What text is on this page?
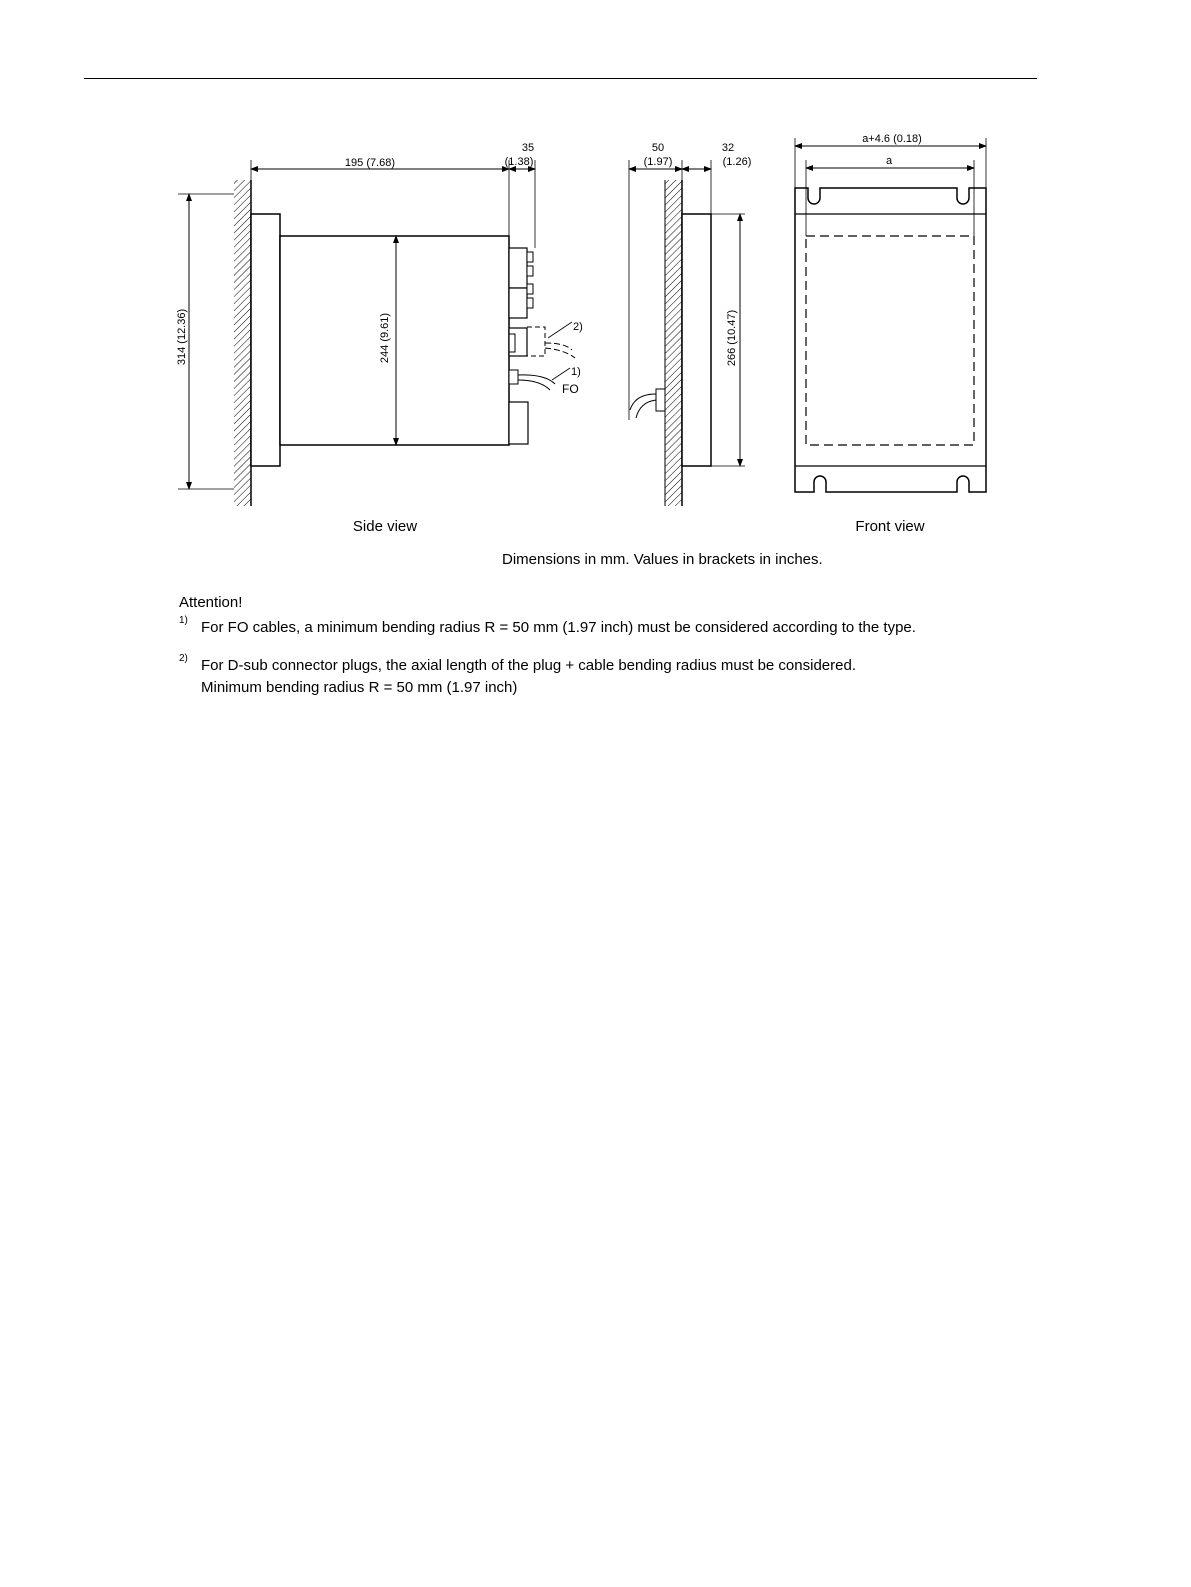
2)
1)
FO
195 (7.68)
35
(1.38)
314 (12.36)	244 (9.61)
50
(1.97)
32
(1.26)
266 (10.47)
a+4.6 (0.18)
a
Side view	Front view
Dimensions in mm. Values in brackets in inches.
Attention!
1) For FO cables, a minimum bending radius R = 50 mm (1.97 inch) must be considered according to the type.
2) For D-sub connector plugs, the axial length of the plug + cable bending radius must be considered.
Minimum bending radius R = 50 mm (1.97 inch)
